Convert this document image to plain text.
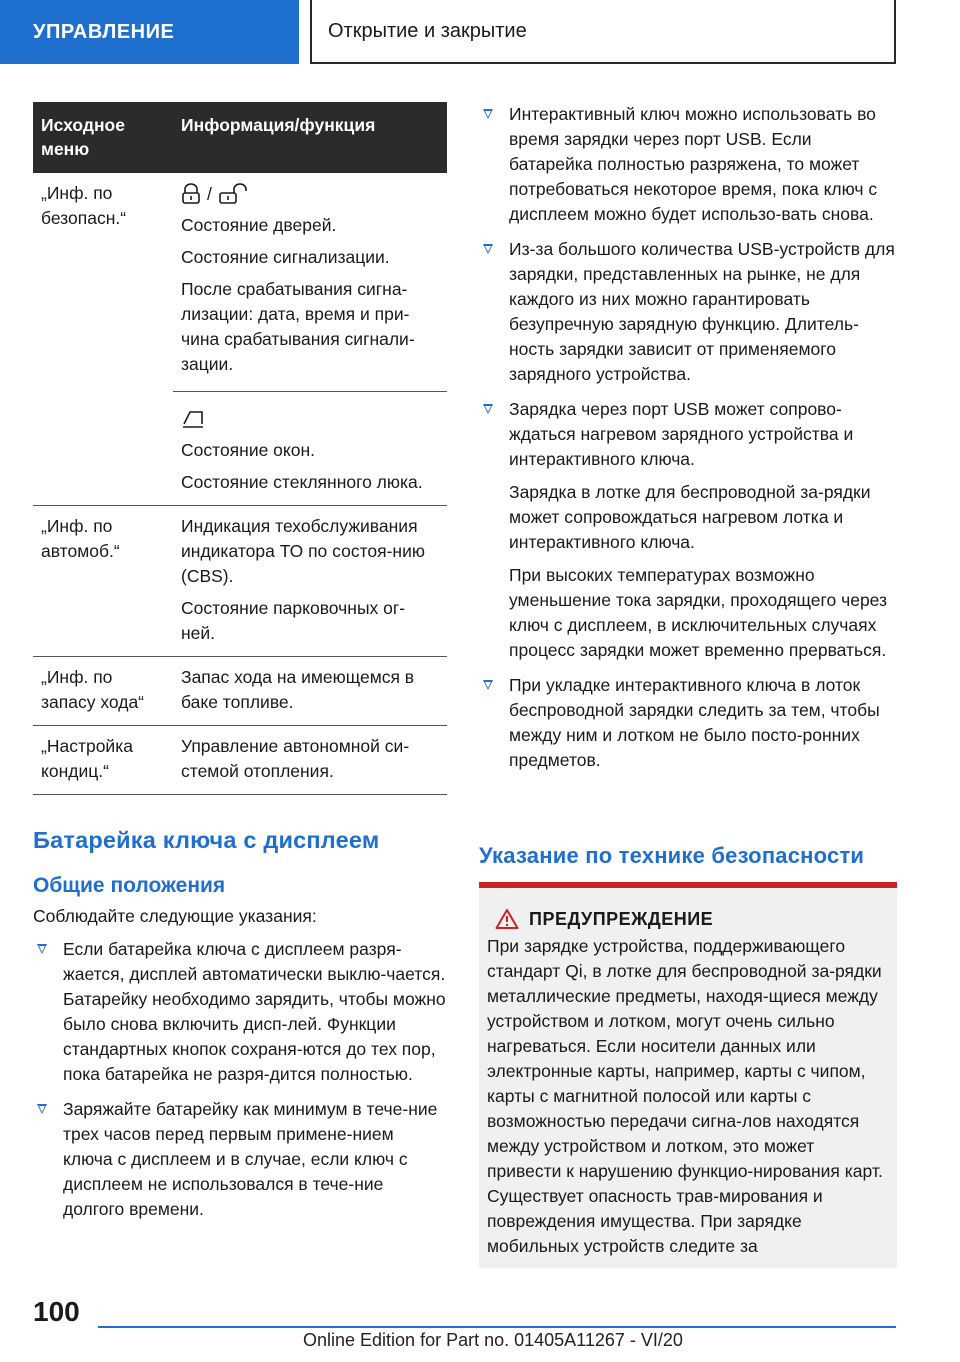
УПРАВЛЕНИЕ	Открытие и закрытие
Исходное меню	Информация/функция
„Инф. по безопасн.“	/

Состояние дверей.

Состояние сигнализации.

После срабатывания сигна-лизации: дата, время и при-чина срабатывания сигнали-зации.

	Состояние окон.

Состояние стеклянного люка.

„Инф. по автомоб.“	Индикация техобслуживания индикатора ТО по состоя-нию (CBS).

Состояние парковочных ог-ней.

„Инф. по запасу хода“	Запас хода на имеющемся в баке топливе.

„Настройка кондиц.“	Управление автономной си-стемой отопления.

Батарейка ключа с дисплеем
Общие положения
Соблюдайте следующие указания:
Если батарейка ключа с дисплеем разря-жается, дисплей автоматически выклю-чается. Батарейку необходимо зарядить, чтобы можно было снова включить дисп-лей. Функции стандартных кнопок сохраня-ются до тех пор, пока батарейка не разря-дится полностью.
Заряжайте батарейку как минимум в тече-ние трех часов перед первым примене-нием ключа с дисплеем и в случае, если ключ с дисплеем не использовался в тече-ние долгого времени.
Интерактивный ключ можно использовать во время зарядки через порт USB. Если батарейка полностью разряжена, то может потребоваться некоторое время, пока ключ с дисплеем можно будет использо-вать снова.
Из-за большого количества USB-устройств для зарядки, представленных на рынке, не для каждого из них можно гарантировать безупречную зарядную функцию. Длитель-ность зарядки зависит от применяемого зарядного устройства.
Зарядка через порт USB может сопрово-ждаться нагревом зарядного устройства и интерактивного ключа.
Зарядка в лотке для беспроводной за-рядки может сопровождаться нагревом лотка и интерактивного ключа.
При высоких температурах возможно уменьшение тока зарядки, проходящего через ключ с дисплеем, в исключительных случаях процесс зарядки может временно прерваться.
При укладке интерактивного ключа в лоток беспроводной зарядки следить за тем, чтобы между ним и лотком не было посто-ронних предметов.
Указание по технике безопасности
ПРЕДУПРЕЖДЕНИЕ
При зарядке устройства, поддерживающего стандарт Qi, в лотке для беспроводной за-рядки металлические предметы, находя-щиеся между устройством и лотком, могут очень сильно нагреваться. Если носители данных или электронные карты, например, карты с чипом, карты с магнитной полосой или карты с возможностью передачи сигна-лов находятся между устройством и лотком, это может привести к нарушению функцио-нирования карт. Существует опасность трав-мирования и повреждения имущества. При зарядке мобильных устройств следите за
100
Online Edition for Part no. 01405A11267 - VI/20
